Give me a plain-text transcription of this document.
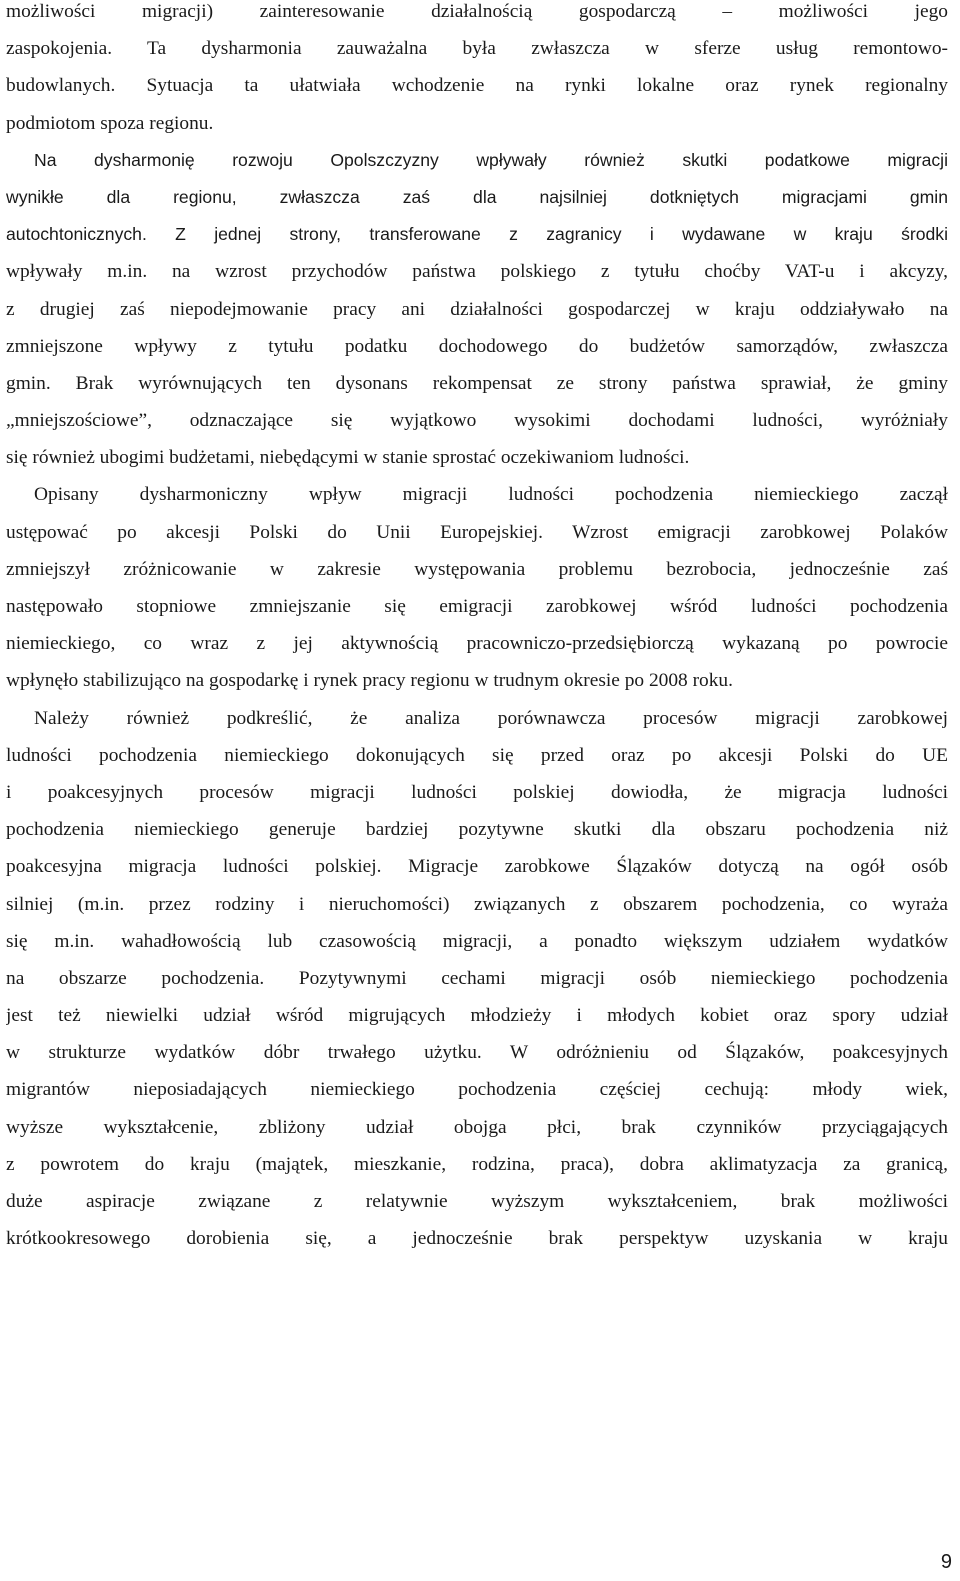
możliwości migracji) zainteresowanie działalnością gospodarczą – możliwości jego
zaspokojenia. Ta dysharmonia zauważalna była zwłaszcza w sferze usług remontowo-
budowlanych. Sytuacja ta ułatwiała wchodzenie na rynki lokalne oraz rynek regionalny
podmiotom spoza regionu.
Na dysharmonię rozwoju Opolszczyzny wpływały również skutki podatkowe migracji
wynikłe dla regionu, zwłaszcza zaś dla najsilniej dotkniętych migracjami gmin
autochtonicznych. Z jednej strony, transferowane z zagranicy i wydawane w kraju środki
wpływały m.in. na wzrost przychodów państwa polskiego z tytułu choćby VAT-u i akcyzy,
z drugiej zaś niepodejmowanie pracy ani działalności gospodarczej w kraju oddziaływało na
zmniejszone wpływy z tytułu podatku dochodowego do budżetów samorządów, zwłaszcza
gmin. Brak wyrównujących ten dysonans rekompensat ze strony państwa sprawiał, że gminy
„mniejszościowe”, odznaczające się wyjątkowo wysokimi dochodami ludności, wyróżniały
się również ubogimi budżetami, niebędącymi w stanie sprostać oczekiwaniom ludności.
Opisany dysharmoniczny wpływ migracji ludności pochodzenia niemieckiego zaczął
ustępować po akcesji Polski do Unii Europejskiej. Wzrost emigracji zarobkowej Polaków
zmniejszył zróżnicowanie w zakresie występowania problemu bezrobocia, jednocześnie zaś
następowało stopniowe zmniejszanie się emigracji zarobkowej wśród ludności pochodzenia
niemieckiego, co wraz z jej aktywnością pracowniczo-przedsiębiorczą wykazaną po powrocie
wpłynęło stabilizująco na gospodarkę i rynek pracy regionu w trudnym okresie po 2008 roku.
Należy również podkreślić, że analiza porównawcza procesów migracji zarobkowej
ludności pochodzenia niemieckiego dokonujących się przed oraz po akcesji Polski do UE
i poakcesyjnych procesów migracji ludności polskiej dowiodła, że migracja ludności
pochodzenia niemieckiego generuje bardziej pozytywne skutki dla obszaru pochodzenia niż
poakcesyjna migracja ludności polskiej. Migracje zarobkowe Ślązaków dotyczą na ogół osób
silniej (m.in. przez rodziny i nieruchomości) związanych z obszarem pochodzenia, co wyraża
się m.in. wahadłowością lub czasowością migracji, a ponadto większym udziałem wydatków
na obszarze pochodzenia. Pozytywnymi cechami migracji osób niemieckiego pochodzenia
jest też niewielki udział wśród migrujących młodzieży i młodych kobiet oraz spory udział
w strukturze wydatków dóbr trwałego użytku. W odróżnieniu od Ślązaków, poakcesyjnych
migrantów nieposiadających niemieckiego pochodzenia częściej cechują: młody wiek,
wyższe wykształcenie, zbliżony udział obojga płci, brak czynników przyciągających
z powrotem do kraju (majątek, mieszkanie, rodzina, praca), dobra aklimatyzacja za granicą,
duże aspiracje związane z relatywnie wyższym wykształceniem, brak możliwości
krótkookresowego dorobienia się, a jednocześnie brak perspektyw uzyskania w kraju
9
